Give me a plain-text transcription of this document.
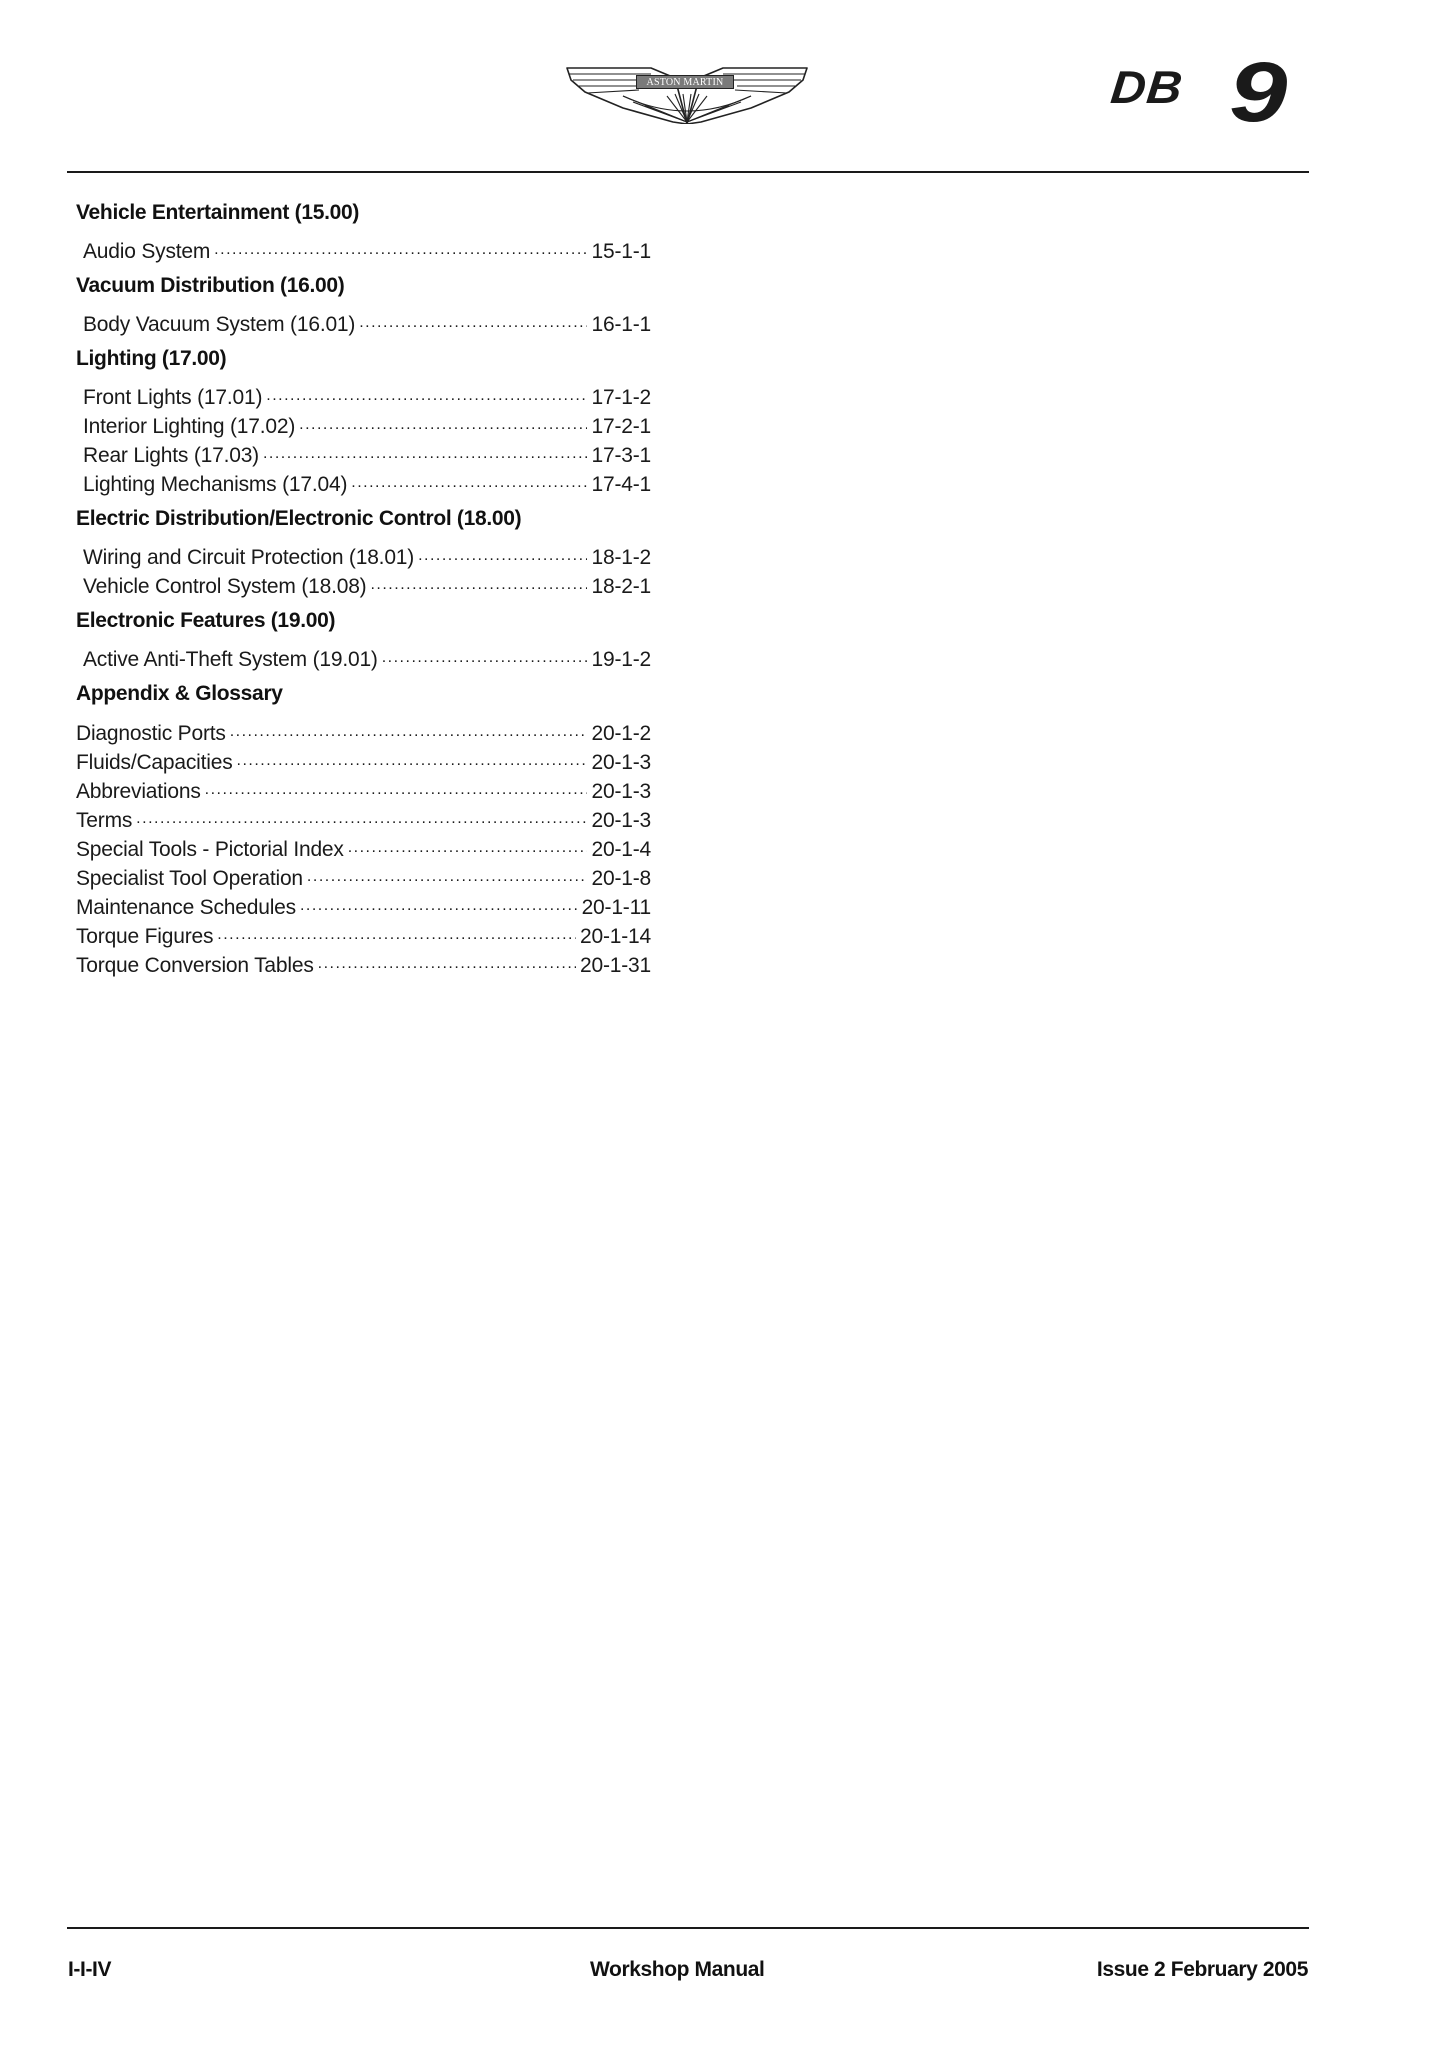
ASTON MARTIN	DB 9
Vehicle Entertainment (15.00)
Audio System .....	15-1-1
Vacuum Distribution (16.00)
Body Vacuum System (16.01) .....	16-1-1
Lighting (17.00)
Front Lights (17.01) .....	17-1-2
Interior Lighting (17.02) .....	17-2-1
Rear Lights (17.03) .....	17-3-1
Lighting Mechanisms (17.04) .....	17-4-1
Electric Distribution/Electronic Control (18.00)
Wiring and Circuit Protection (18.01) .....	18-1-2
Vehicle Control System (18.08) .....	18-2-1
Electronic Features (19.00)
Active Anti-Theft System (19.01) .....	19-1-2
Appendix & Glossary
Diagnostic Ports .....	20-1-2
Fluids/Capacities .....	20-1-3
Abbreviations .....	20-1-3
Terms .....	20-1-3
Special Tools - Pictorial Index .....	20-1-4
Specialist Tool Operation .....	20-1-8
Maintenance Schedules .....	20-1-11
Torque Figures .....	20-1-14
Torque Conversion Tables .....	20-1-31
I-I-IV	Workshop Manual	Issue 2 February 2005
